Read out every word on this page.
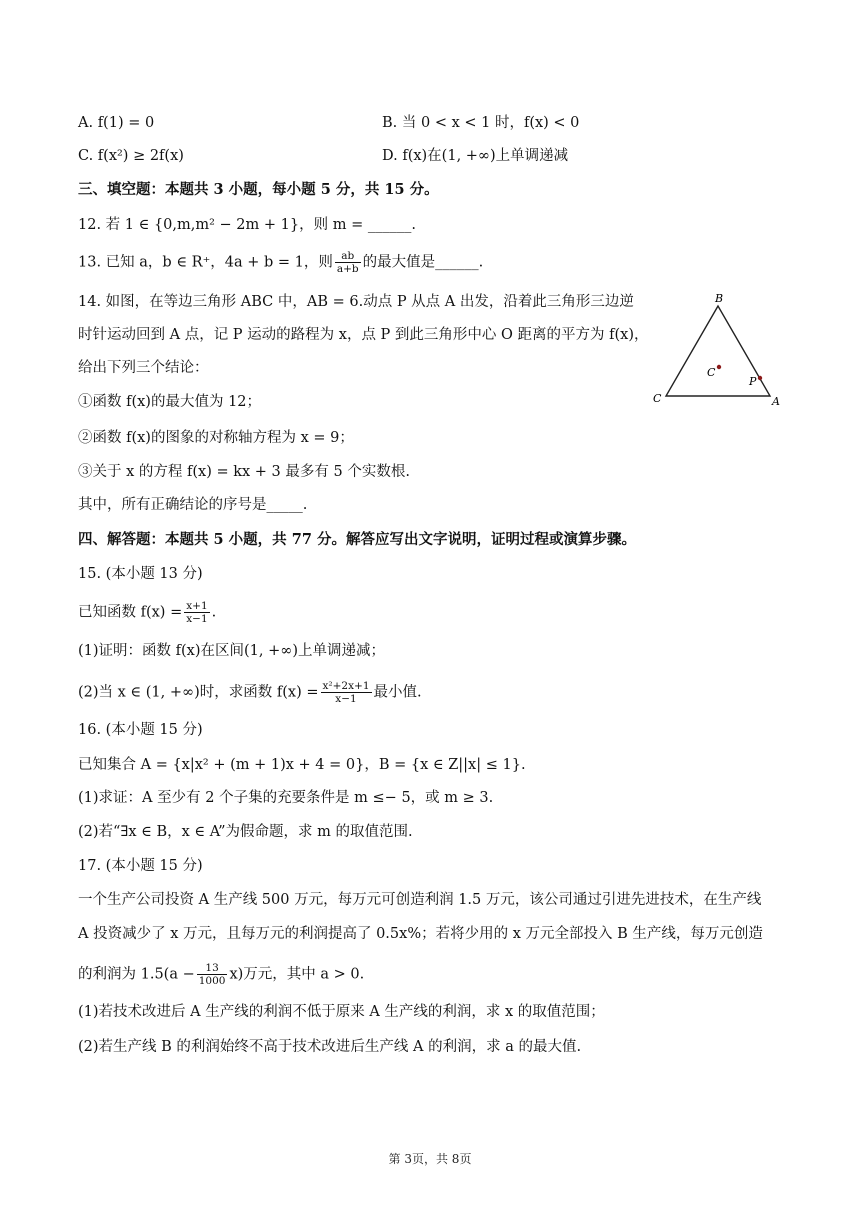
A. f(1) = 0	B. 当 0 < x < 1 时，f(x) < 0
C. f(x²) ≥ 2f(x)	D. f(x)在(1, +∞)上单调递减
三、填空题：本题共 3 小题，每小题 5 分，共 15 分。
12. 若 1 ∈ {0,m,m² − 2m + 1}，则 m = ______.
13. 已知 a，b ∈ R⁺，4a + b = 1，则 $\frac{ab}{a+b}$ 的最大值是______.
14. 如图，在等边三角形 ABC 中，AB = 6.动点 P 从点 A 出发，沿着此三角形三边逆
时针运动回到 A 点，记 P 运动的路程为 x，点 P 到此三角形中心 O 距离的平方为 f(x)，
给出下列三个结论：
①函数 f(x)的最大值为 12；
②函数 f(x)的图象的对称轴方程为 x = 9；
③关于 x 的方程 f(x) = kx + 3 最多有 5 个实数根.
其中，所有正确结论的序号是_____.
B
C	A
C
P
四、解答题：本题共 5 小题，共 77 分。解答应写出文字说明，证明过程或演算步骤。
15. (本小题 13 分)
已知函数 $f(x) = \frac{x+1}{x-1}$ .
(1)证明：函数 f(x)在区间(1, +∞)上单调递减；
(2)当 x ∈ (1, +∞)时，求函数 $f(x) = \frac{\text{x²+2x+1}}{x-1}$ 最小值.
16. (本小题 15 分)
已知集合 A = {x|x² + (m + 1)x + 4 = 0}，B = {x ∈ Z||x| ≤ 1}.
(1)求证：A 至少有 2 个子集的充要条件是 m ≤− 5，或 m ≥ 3.
(2)若“∃x ∈ B，x ∈ A”为假命题，求 m 的取值范围.
17. (本小题 15 分)
一个生产公司投资 A 生产线 500 万元，每万元可创造利润 1.5 万元，该公司通过引进先进技术，在生产线
A 投资减少了 x 万元，且每万元的利润提高了 0.5x%；若将少用的 x 万元全部投入 B 生产线，每万元创造
的利润为 $1.5(a - \frac{13}{1000} x)$万元，其中 a > 0.
(1)若技术改进后 A 生产线的利润不低于原来 A 生产线的利润，求 x 的取值范围；
(2)若生产线 B 的利润始终不高于技术改进后生产线 A 的利润，求 a 的最大值.
第 3页，共 8页
